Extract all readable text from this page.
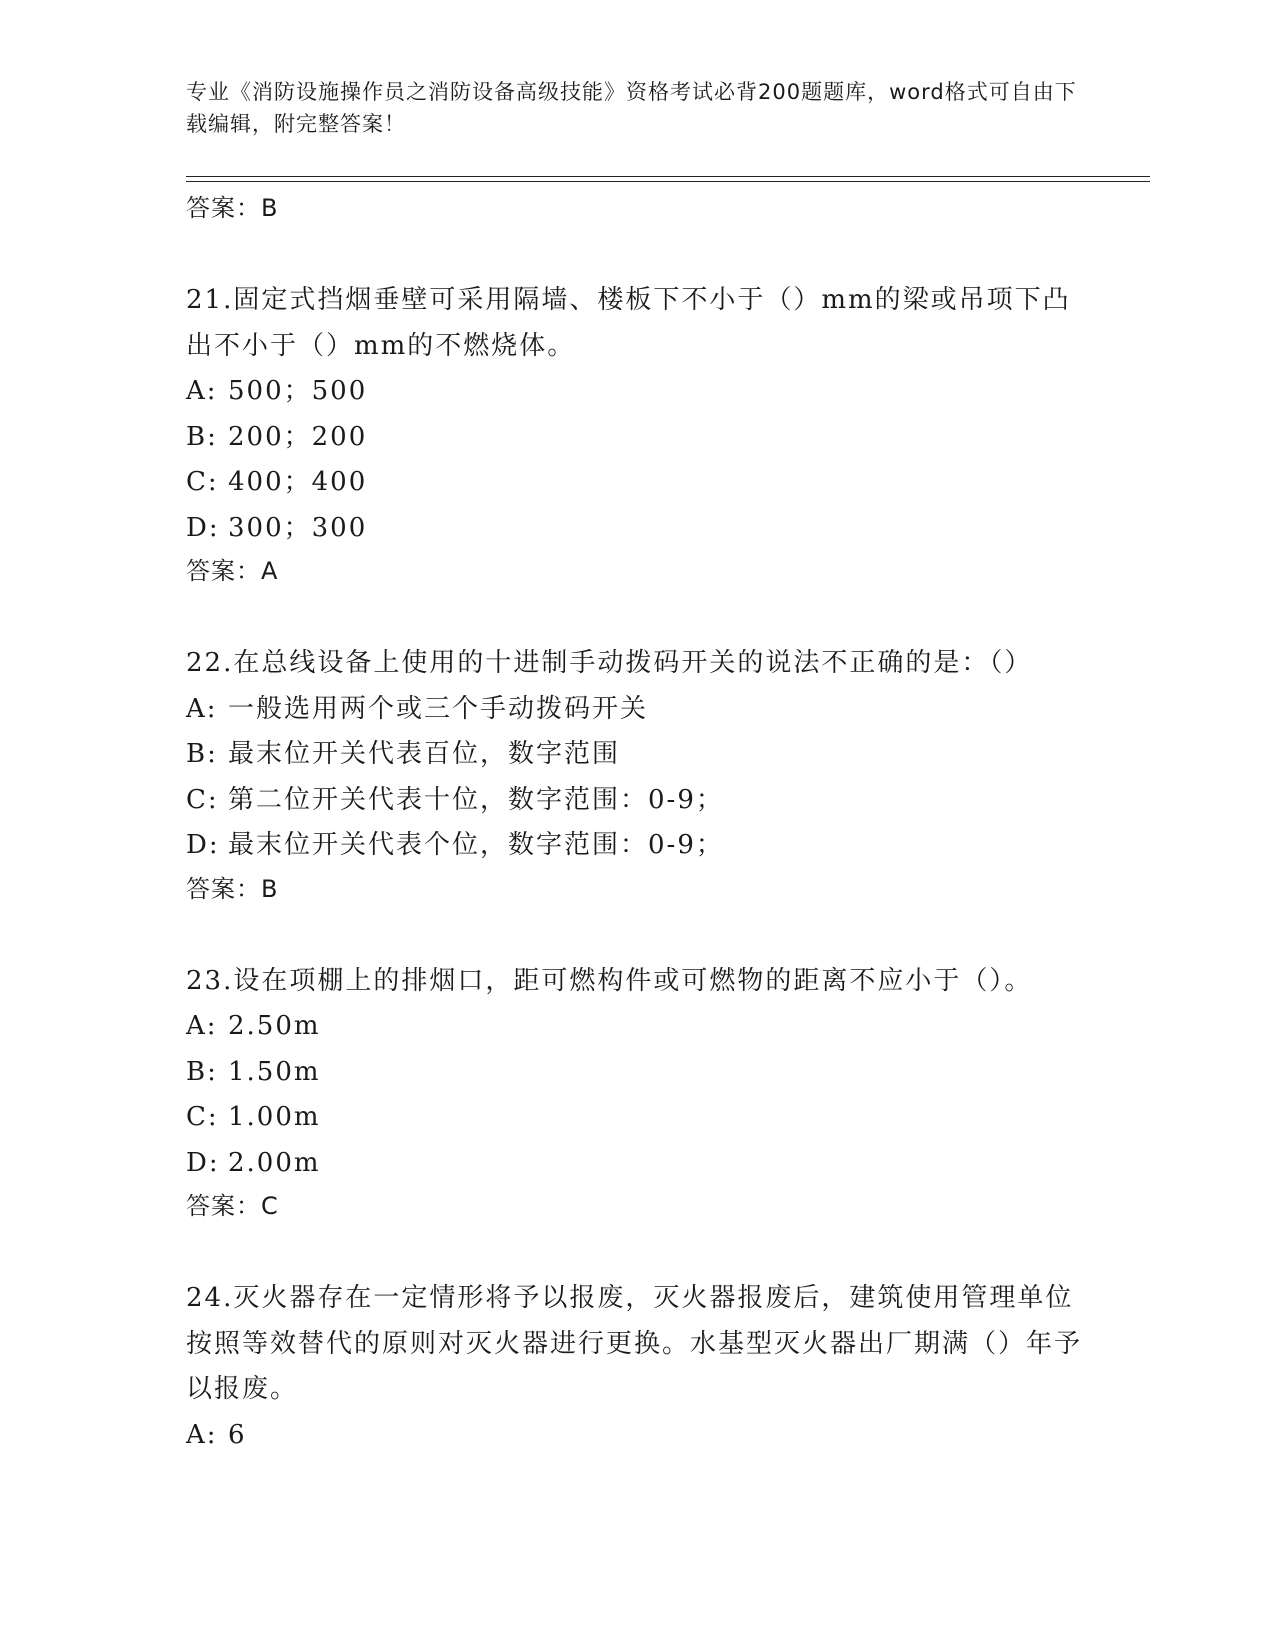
专业《消防设施操作员之消防设备高级技能》资格考试必背200题题库，word格式可自由下载编辑，附完整答案！
答案：B
21.固定式挡烟垂壁可采用隔墙、楼板下不小于（）mm的梁或吊项下凸出不小于（）mm的不燃烧体。
A: 500；500
B: 200；200
C: 400；400
D: 300；300
答案：A
22.在总线设备上使用的十进制手动拨码开关的说法不正确的是：（）
A: 一般选用两个或三个手动拨码开关
B: 最末位开关代表百位，数字范围
C: 第二位开关代表十位，数字范围：0-9；
D: 最末位开关代表个位，数字范围：0-9；
答案：B
23.设在项棚上的排烟口，距可燃构件或可燃物的距离不应小于（）。
A: 2.50m
B: 1.50m
C: 1.00m
D: 2.00m
答案：C
24.灭火器存在一定情形将予以报废，灭火器报废后，建筑使用管理单位按照等效替代的原则对灭火器进行更换。水基型灭火器出厂期满（）年予以报废。
A: 6
